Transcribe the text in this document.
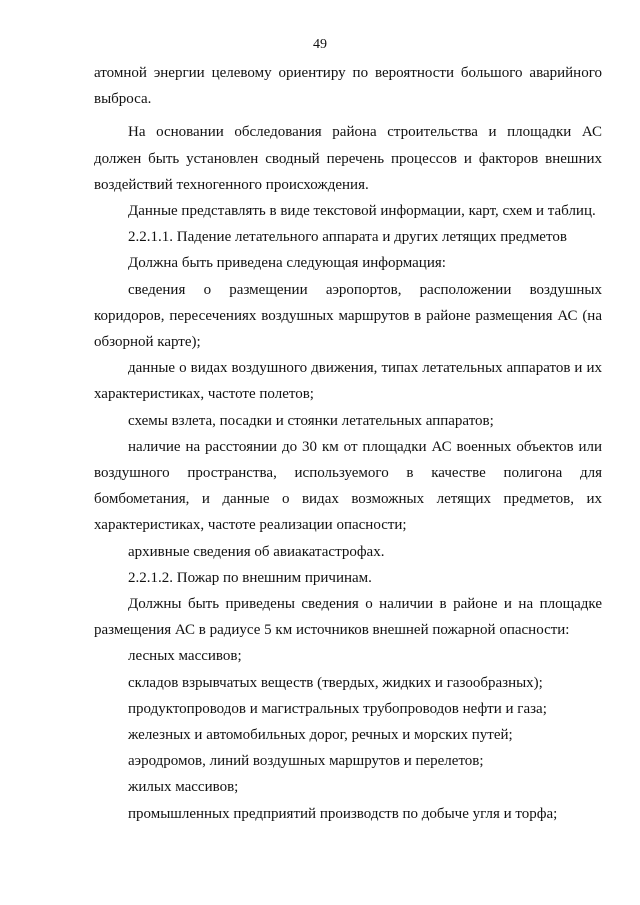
49

атомной энергии целевому ориентиру по вероятности большого аварийного выброса.

На основании обследования района строительства и площадки АС должен быть установлен сводный перечень процессов и факторов внешних воздействий техногенного происхождения.

Данные представлять в виде текстовой информации, карт, схем и таблиц.

2.2.1.1. Падение летательного аппарата и других летящих предметов

Должна быть приведена следующая информация:

сведения о размещении аэропортов, расположении воздушных коридоров, пересечениях воздушных маршрутов в районе размещения АС (на обзорной карте);

данные о видах воздушного движения, типах летательных аппаратов и их характеристиках, частоте полетов;

схемы взлета, посадки и стоянки летательных аппаратов;

наличие на расстоянии до 30 км от площадки АС военных объектов или воздушного пространства, используемого в качестве полигона для бомбометания, и данные о видах возможных летящих предметов, их характеристиках, частоте реализации опасности;

архивные сведения об авиакатастрофах.

2.2.1.2. Пожар по внешним причинам.

Должны быть приведены сведения о наличии в районе и на площадке размещения АС в радиусе 5 км источников внешней пожарной опасности:

лесных массивов;

складов взрывчатых веществ (твердых, жидких и газообразных);

продуктопроводов и магистральных трубопроводов нефти и газа;

железных и автомобильных дорог, речных и морских путей;

аэродромов, линий воздушных маршрутов и перелетов;

жилых массивов;

промышленных предприятий производств по добыче угля и торфа;
